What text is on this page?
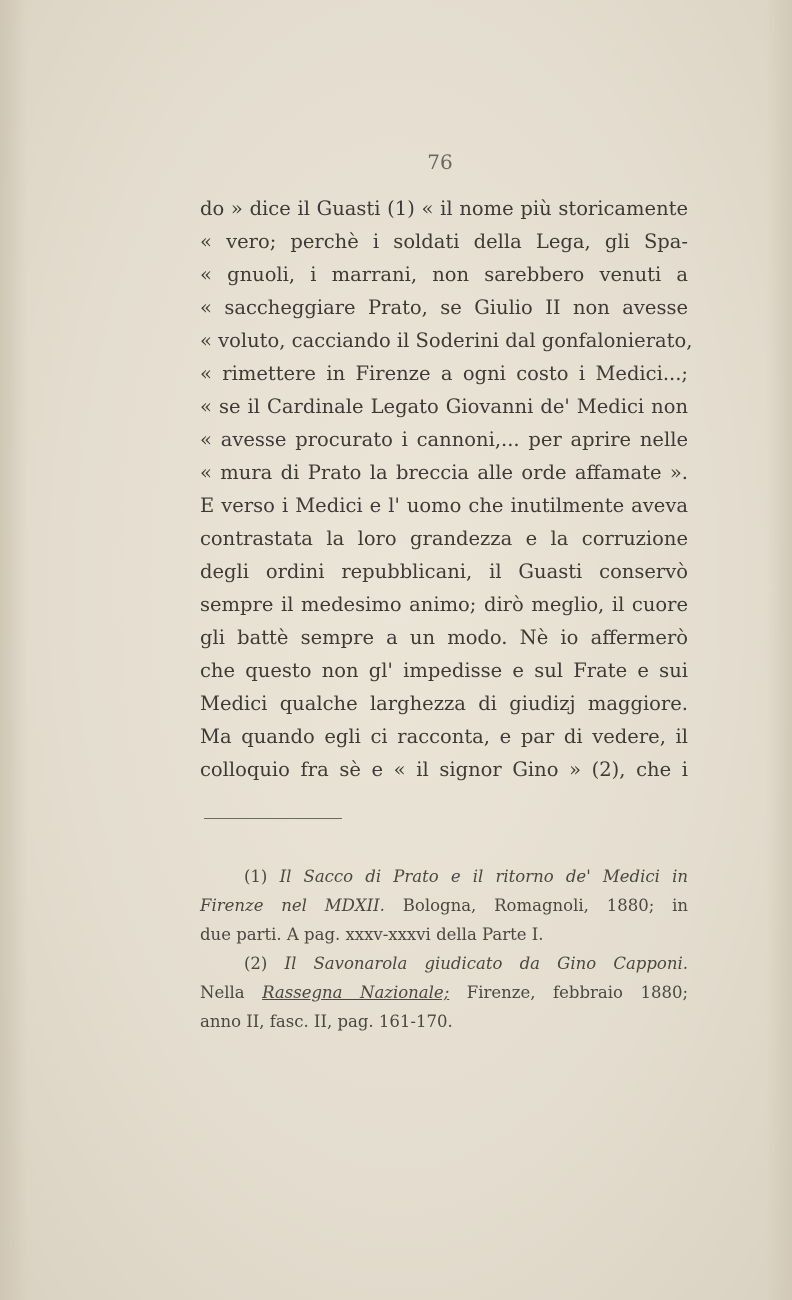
76
do » dice il Guasti (1) « il nome più storicamente
« vero; perchè i soldati della Lega, gli Spa-
« gnuoli, i marrani, non sarebbero venuti a
« saccheggiare Prato, se Giulio II non avesse
« voluto, cacciando il Soderini dal gonfalonierato,
« rimettere in Firenze a ogni costo i Medici...;
« se il Cardinale Legato Giovanni de' Medici non
« avesse procurato i cannoni,... per aprire nelle
« mura di Prato la breccia alle orde affamate ».
E verso i Medici e l' uomo che inutilmente aveva
contrastata la loro grandezza e la corruzione
degli ordini repubblicani, il Guasti conservò
sempre il medesimo animo; dirò meglio, il cuore
gli battè sempre a un modo. Nè io affermerò
che questo non gl' impedisse e sul Frate e sui
Medici qualche larghezza di giudizj maggiore.
Ma quando egli ci racconta, e par di vedere, il
colloquio fra sè e « il signor Gino » (2), che i
(1) Il Sacco di Prato e il ritorno de' Medici in
Firenze nel MDXII. Bologna, Romagnoli, 1880; in
due parti. A pag. xxxv-xxxvi della Parte I.
(2) Il Savonarola giudicato da Gino Capponi.
Nella Rassegna Nazionale; Firenze, febbraio 1880;
anno II, fasc. II, pag. 161-170.
